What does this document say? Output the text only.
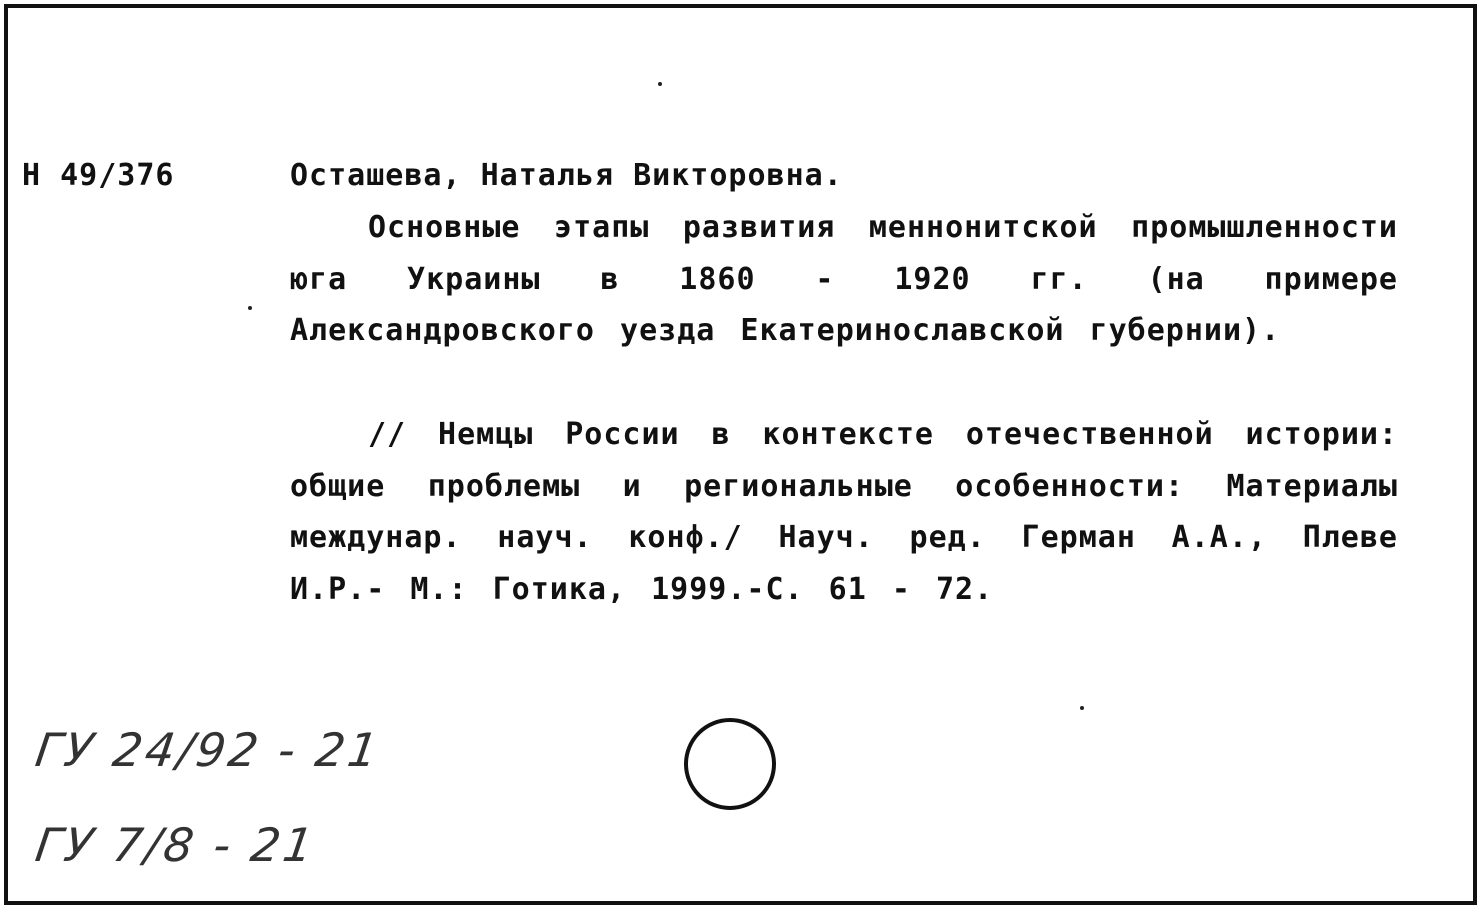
Н 49/376	Осташева, Наталья Викторовна.
Основные этапы развития меннонитской промышленности юга Украины в 1860 - 1920 гг. (на примере Александровского уезда Екатеринославской губернии).
// Немцы России в контексте отечественной истории: общие проблемы и региональные особенности: Материалы междунар. науч. конф./ Науч. ред. Герман А.А., Плеве И.Р.- М.: Готика, 1999.-С. 61 - 72.
ГУ 24/92 - 21
ГУ 7/8 - 21
